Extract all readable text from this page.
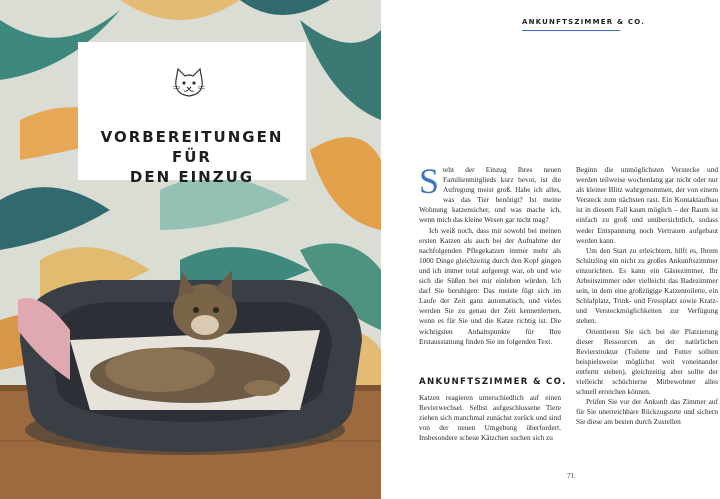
VORBEREITUNGEN FÜR
DEN EINZUG
ANKUNFTSZIMMER & CO.

Steht der Einzug Ihres neuen Familienmitglieds kurz bevor, ist die Aufregung meist groß. Habe ich alles, was das Tier benötigt? Ist meine Wohnung katzensicher, und was mache ich, wenn mich das kleine Wesen gar nicht mag?

Ich weiß noch, dass mir sowohl bei meinen ersten Katzen als auch bei der Aufnahme der nachfolgenden Pflegekatzen immer mehr als 1000 Dinge gleichzeitig durch den Kopf gingen und ich immer total aufgeregt war, ob und wie sich die Süßen bei mir einleben würden. Ich darf Sie beruhigen: Das meiste fügt sich im Laufe der Zeit ganz automatisch, und vieles werden Sie zu genau der Zeit kennenlernen, wenn es für Sie und die Katze richtig ist. Die wichtigsten Anhaltspunkte für Ihre Erstausstattung finden Sie im folgenden Text.

ANKUNFTSZIMMER & CO.

Katzen reagieren unterschiedlich auf einen Revierwechsel. Selbst aufgeschlossene Tiere ziehen sich manchmal zunächst zurück und sind von der neuen Umgebung überfordert. Insbesondere scheue Kätzchen suchen sich zu

Beginn die unmöglichsten Verstecke und werden teilweise wochenlang gar nicht oder nur als kleiner Blitz wahrgenommen, der von einem Versteck zum nächsten rast. Ein Kontaktaufbau ist in diesem Fall kaum möglich – der Raum ist einfach zu groß und unübersichtlich, sodass weder Entspannung noch Vertrauen aufgebaut werden kann.

Um den Start zu erleichtern, hilft es, Ihrem Schützling ein nicht zu großes Ankunftszimmer einzurichten. Es kann ein Gästezimmer, Ihr Arbeitszimmer oder vielleicht das Badezimmer sein, in dem eine großzügige Katzentoilette, ein Schlafplatz, Trink- und Fressplatz sowie Kratz- und Versteckmöglichkeiten zur Verfügung stehen.

Orientieren Sie sich bei der Platzierung dieser Ressourcen an der natürlichen Revierstruktur (Toilette und Futter sollten beispielsweise möglichst weit voneinander entfernt stehen), gleichzeitig aber sollte der vielleicht schüchterne Mitbewohner alles schnell erreichen können.

Prüfen Sie vor der Ankunft das Zimmer auf für Sie unerreichbare Rückzugsorte und sichern Sie diese am besten durch Zustellen

71
